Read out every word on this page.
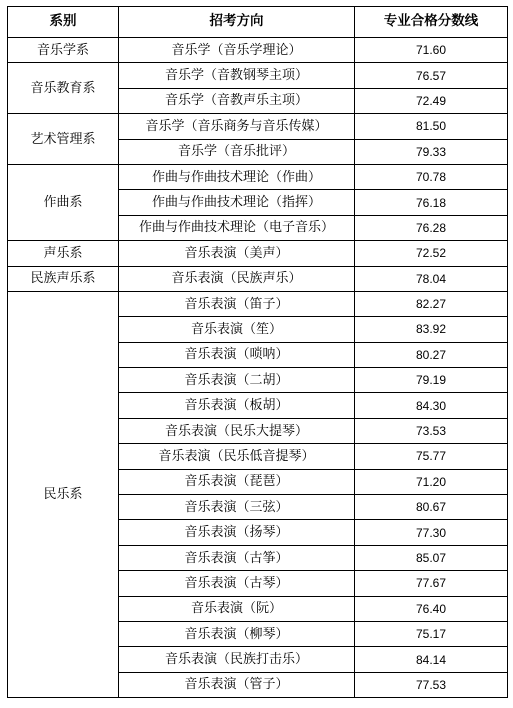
系别	招考方向	专业合格分数线
音乐学系	音乐学（音乐学理论）	71.60
音乐教育系	音乐学（音教钢琴主项）	76.57
	音乐学（音教声乐主项）	72.49
艺术管理系	音乐学（音乐商务与音乐传媒）	81.50
	音乐学（音乐批评）	79.33
作曲系	作曲与作曲技术理论（作曲）	70.78
	作曲与作曲技术理论（指挥）	76.18
	作曲与作曲技术理论（电子音乐）	76.28
声乐系	音乐表演（美声）	72.52
民族声乐系	音乐表演（民族声乐）	78.04
民乐系	音乐表演（笛子）	82.27
	音乐表演（笙）	83.92
	音乐表演（唢呐）	80.27
	音乐表演（二胡）	79.19
	音乐表演（板胡）	84.30
	音乐表演（民乐大提琴）	73.53
	音乐表演（民乐低音提琴）	75.77
	音乐表演（琵琶）	71.20
	音乐表演（三弦）	80.67
	音乐表演（扬琴）	77.30
	音乐表演（古筝）	85.07
	音乐表演（古琴）	77.67
	音乐表演（阮）	76.40
	音乐表演（柳琴）	75.17
	音乐表演（民族打击乐）	84.14
	音乐表演（管子）	77.53
